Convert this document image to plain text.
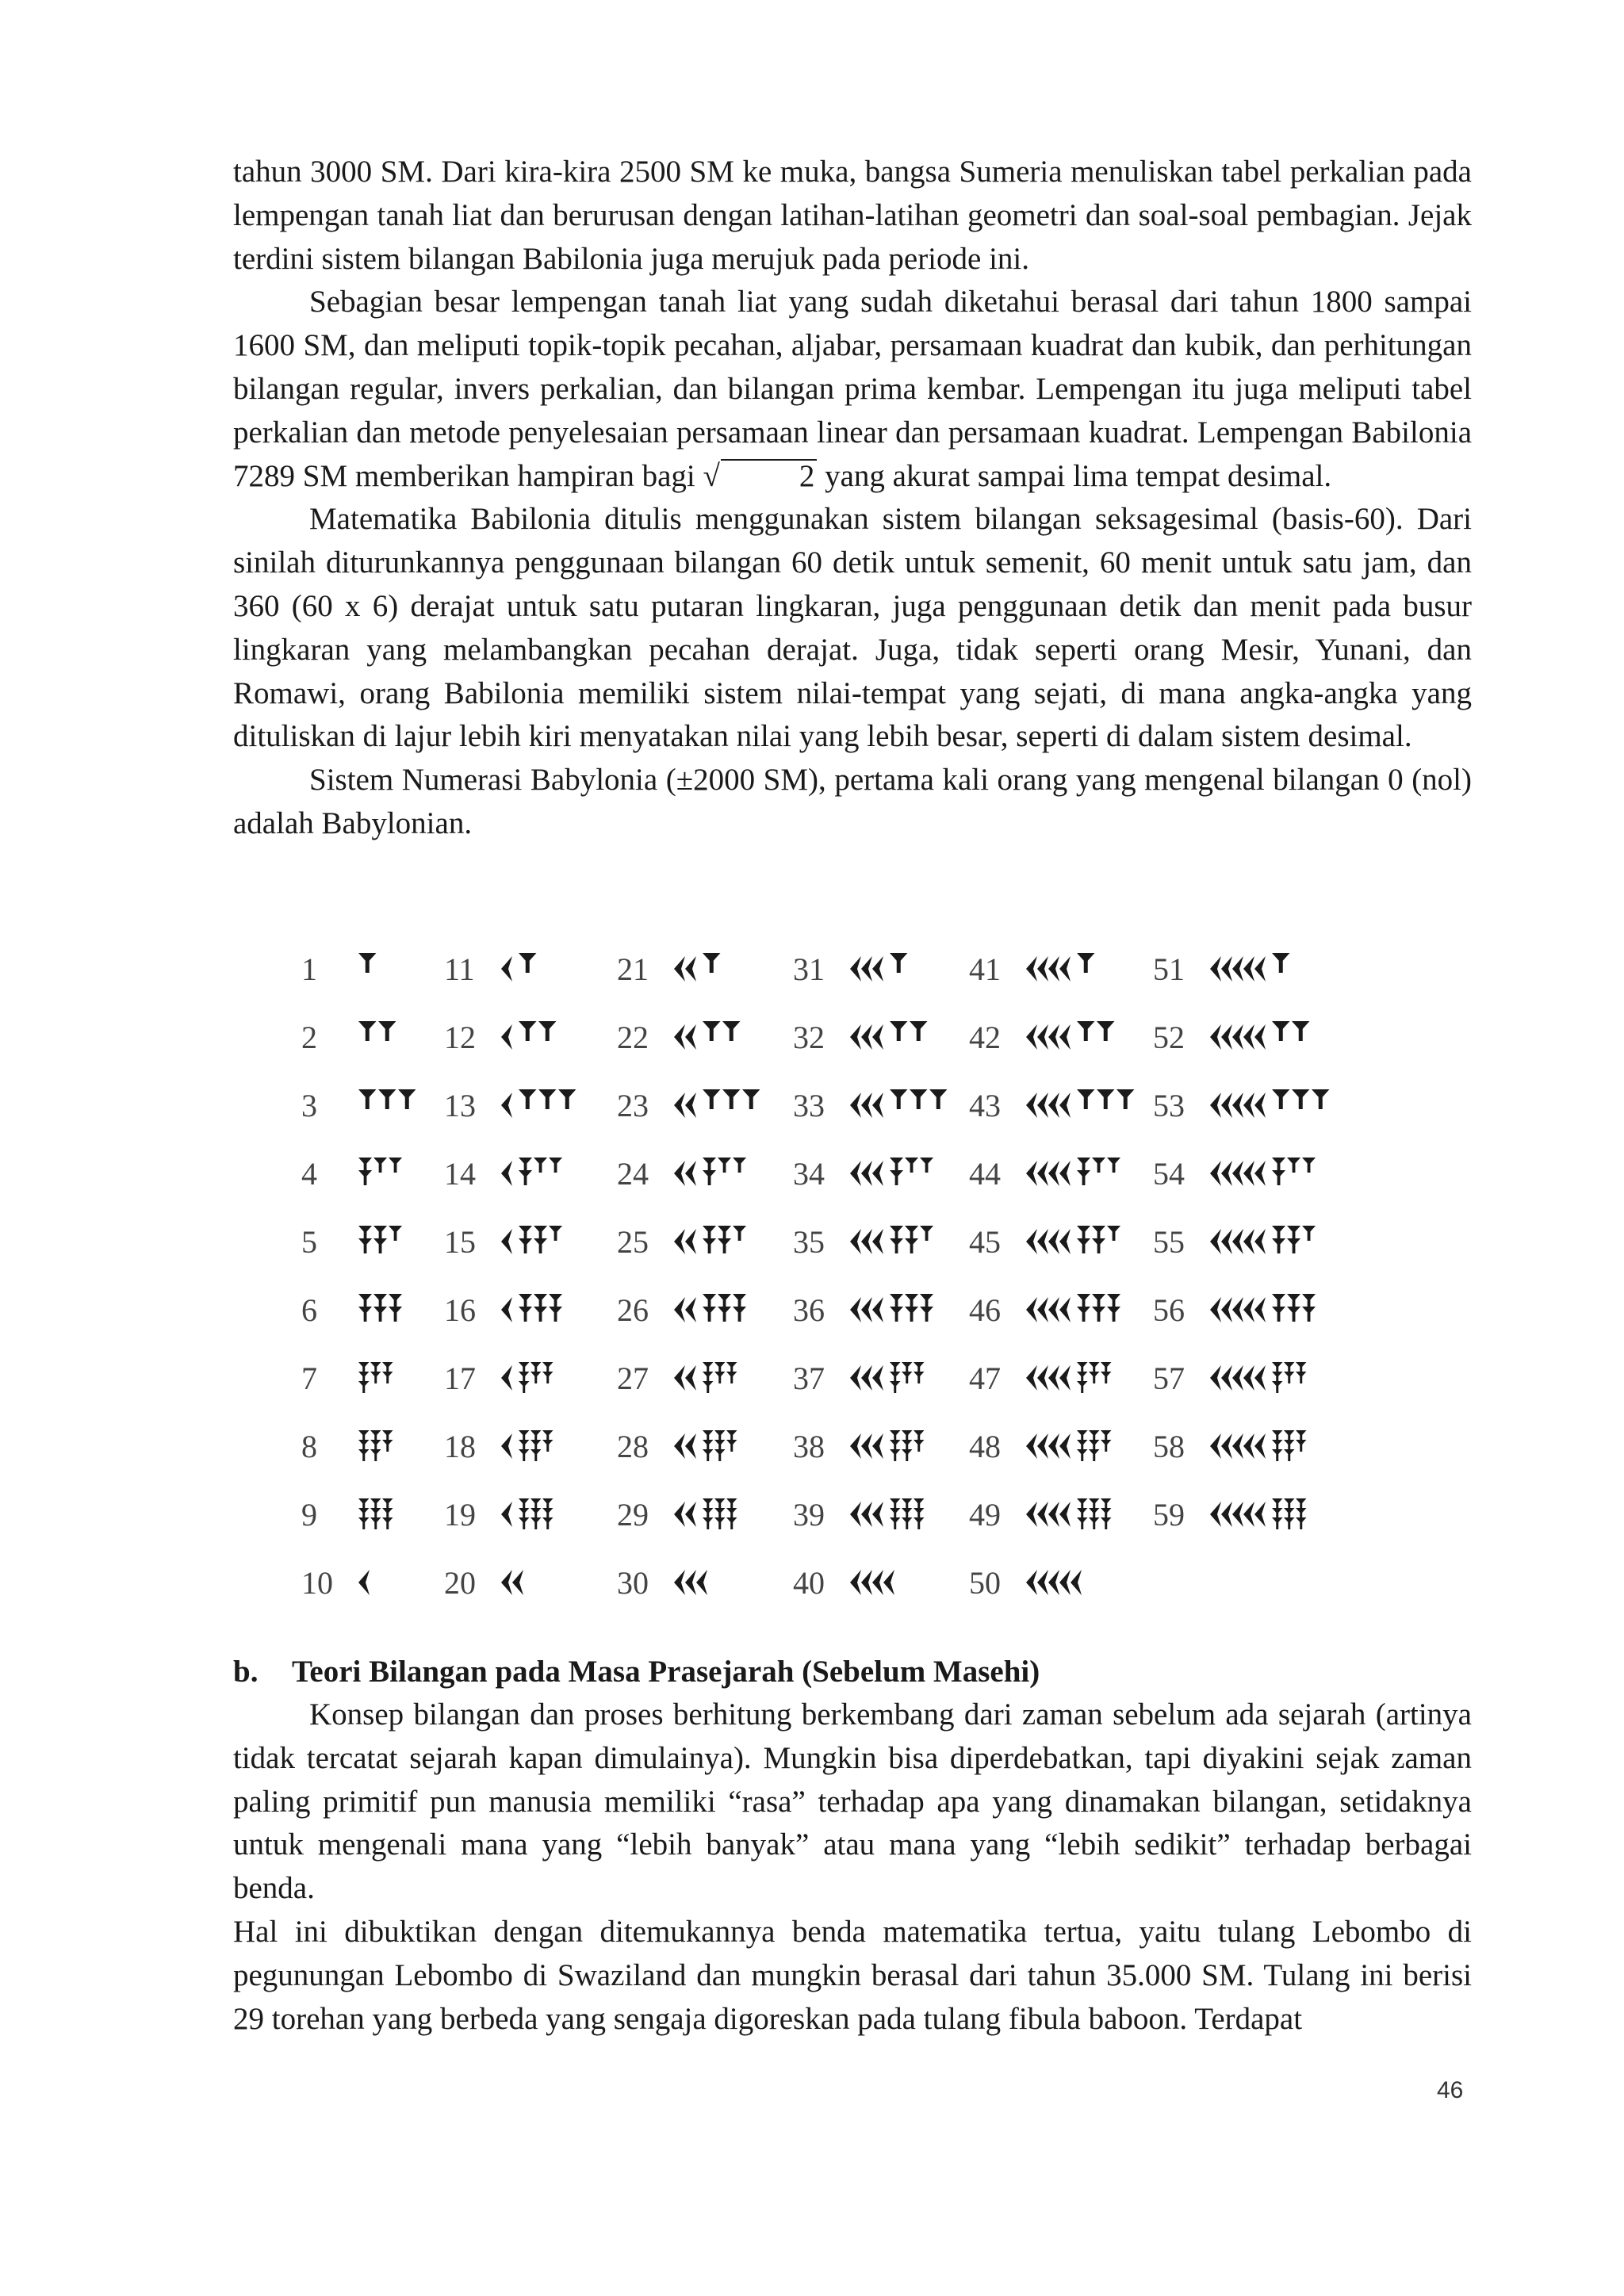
tahun 3000 SM. Dari kira-kira 2500 SM ke muka, bangsa Sumeria menuliskan tabel perkalian pada lempengan tanah liat dan berurusan dengan latihan-latihan geometri dan soal-soal pembagian. Jejak terdini sistem bilangan Babilonia juga merujuk pada periode ini.

Sebagian besar lempengan tanah liat yang sudah diketahui berasal dari tahun 1800 sampai 1600 SM, dan meliputi topik-topik pecahan, aljabar, persamaan kuadrat dan kubik, dan perhitungan bilangan regular, invers perkalian, dan bilangan prima kembar. Lempengan itu juga meliputi tabel perkalian dan metode penyelesaian persamaan linear dan persamaan kuadrat. Lempengan Babilonia 7289 SM memberikan hampiran bagi √	2 yang akurat sampai lima tempat desimal.

Matematika Babilonia ditulis menggunakan sistem bilangan seksagesimal (basis-60). Dari sinilah diturunkannya penggunaan bilangan 60 detik untuk semenit, 60 menit untuk satu jam, dan 360 (60 x 6) derajat untuk satu putaran lingkaran, juga penggunaan detik dan menit pada busur lingkaran yang melambangkan pecahan derajat. Juga, tidak seperti orang Mesir, Yunani, dan Romawi, orang Babilonia memiliki sistem nilai-tempat yang sejati, di mana angka-angka yang dituliskan di lajur lebih kiri menyatakan nilai yang lebih besar, seperti di dalam sistem desimal.

Sistem Numerasi Babylonia (±2000 SM), pertama kali orang yang mengenal bilangan 0 (nol) adalah Babylonian.

1
2
3
4
5
6
7
8
9
10
11
12
13
14
15
16
17
18
19
20
21
22
23
24
25
26
27
28
29
30
31
32
33
34
35
36
37
38
39
40
41
42
43
44
45
46
47
48
49
50
51
52
53
54
55
56
57
58
59
b. Teori Bilangan pada Masa Prasejarah (Sebelum Masehi)

Konsep bilangan dan proses berhitung berkembang dari zaman sebelum ada sejarah (artinya tidak tercatat sejarah kapan dimulainya). Mungkin bisa diperdebatkan, tapi diyakini sejak zaman paling primitif pun manusia memiliki “rasa” terhadap apa yang dinamakan bilangan, setidaknya untuk mengenali mana yang “lebih banyak” atau mana yang “lebih sedikit” terhadap berbagai benda.

Hal ini dibuktikan dengan ditemukannya benda matematika tertua, yaitu tulang Lebombo di pegunungan Lebombo di Swaziland dan mungkin berasal dari tahun 35.000 SM. Tulang ini berisi 29 torehan yang berbeda yang sengaja digoreskan pada tulang fibula baboon. Terdapat

46
